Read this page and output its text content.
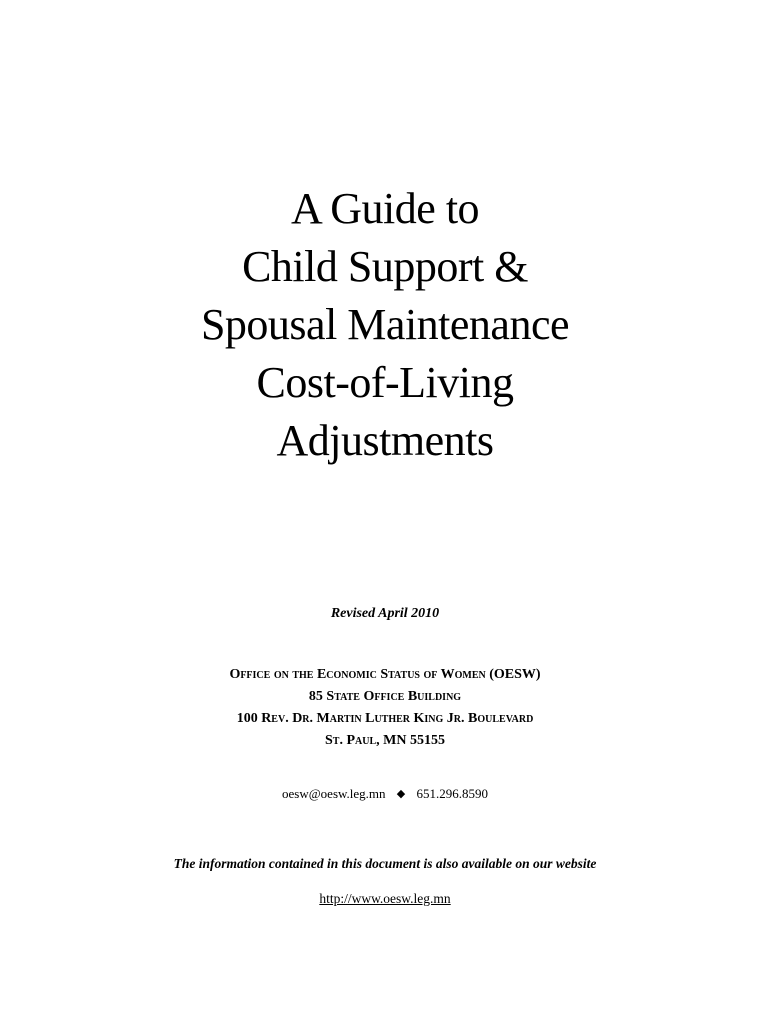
A Guide to
Child Support &
Spousal Maintenance
Cost-of-Living
Adjustments
Revised April 2010
Office on the Economic Status of Women (OESW)
85 State Office Building
100 Rev. Dr. Martin Luther King Jr. Boulevard
St. Paul, MN 55155
oesw@oesw.leg.mn ◆ 651.296.8590
The information contained in this document is also available on our website
http://www.oesw.leg.mn
